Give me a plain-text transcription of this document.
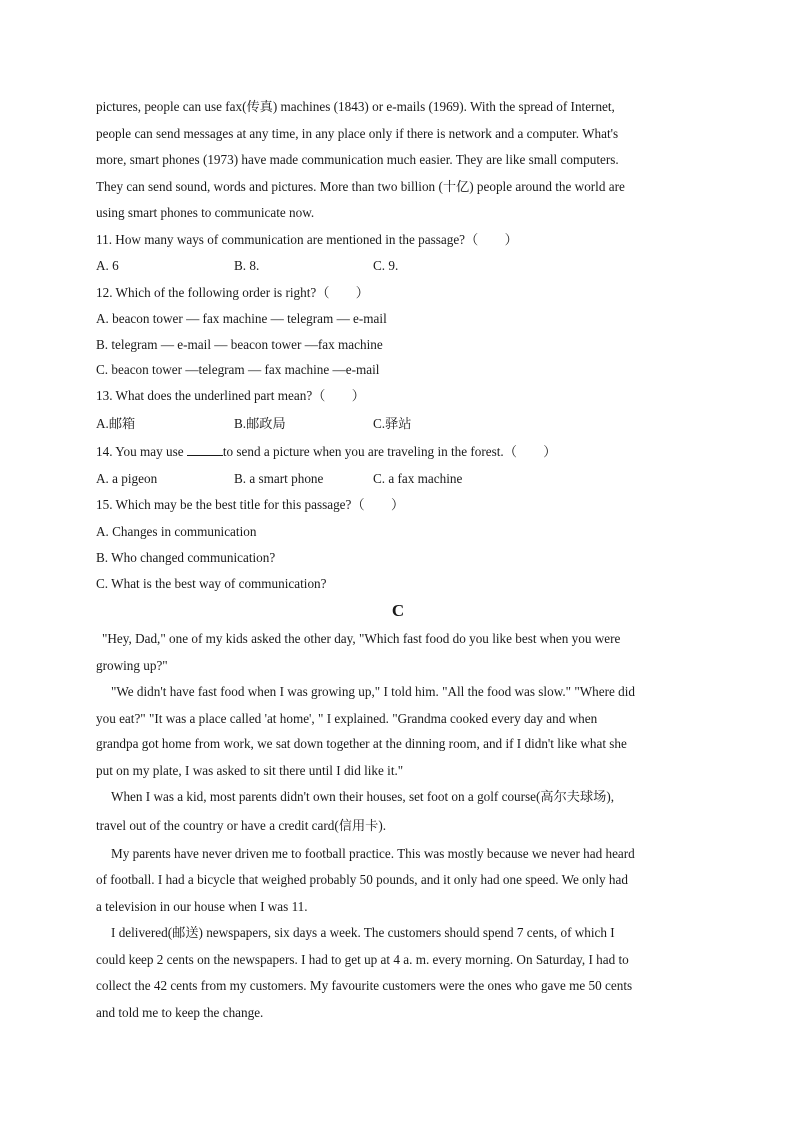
pictures, people can use fax(传真) machines (1843) or e-mails (1969). With the spread of Internet,
people can send messages at any time, in any place only if there is network and a computer. What's
more, smart phones (1973) have made communication much easier. They are like small computers.
They can send sound, words and pictures. More than two billion (十亿) people around the world are
using smart phones to communicate now.
11. How many ways of communication are mentioned in the passage?（　　）
A. 6	B. 8.	C. 9.
12. Which of the following order is right?（　　）
A. beacon tower — fax machine — telegram — e-mail
B. telegram — e-mail — beacon tower —fax machine
C. beacon tower —telegram — fax machine —e-mail
13. What does the underlined part mean?（　　）
A.邮箱	B.邮政局	C.驿站
14. You may use	to send a picture when you are traveling in the forest.（　　）
A. a pigeon	B. a smart phone	C. a fax machine
15. Which may be the best title for this passage?（　　）
A. Changes in communication
B. Who changed communication?
C. What is the best way of communication?
C
"Hey, Dad," one of my kids asked the other day, "Which fast food do you like best when you were
growing up?"
"We didn't have fast food when I was growing up," I told him. "All the food was slow." "Where did
you eat?" "It was a place called 'at home', " I explained. "Grandma cooked every day and when
grandpa got home from work, we sat down together at the dinning room, and if I didn't like what she
put on my plate, I was asked to sit there until I did like it."
When I was a kid, most parents didn't own their houses, set foot on a golf course(高尔夫球场),
travel out of the country or have a credit card(信用卡).
My parents have never driven me to football practice. This was mostly because we never had heard
of football. I had a bicycle that weighed probably 50 pounds, and it only had one speed. We only had
a television in our house when I was 11.
I delivered(邮送) newspapers, six days a week. The customers should spend 7 cents, of which I
could keep 2 cents on the newspapers. I had to get up at 4 a. m. every morning. On Saturday, I had to
collect the 42 cents from my customers. My favourite customers were the ones who gave me 50 cents
and told me to keep the change.
